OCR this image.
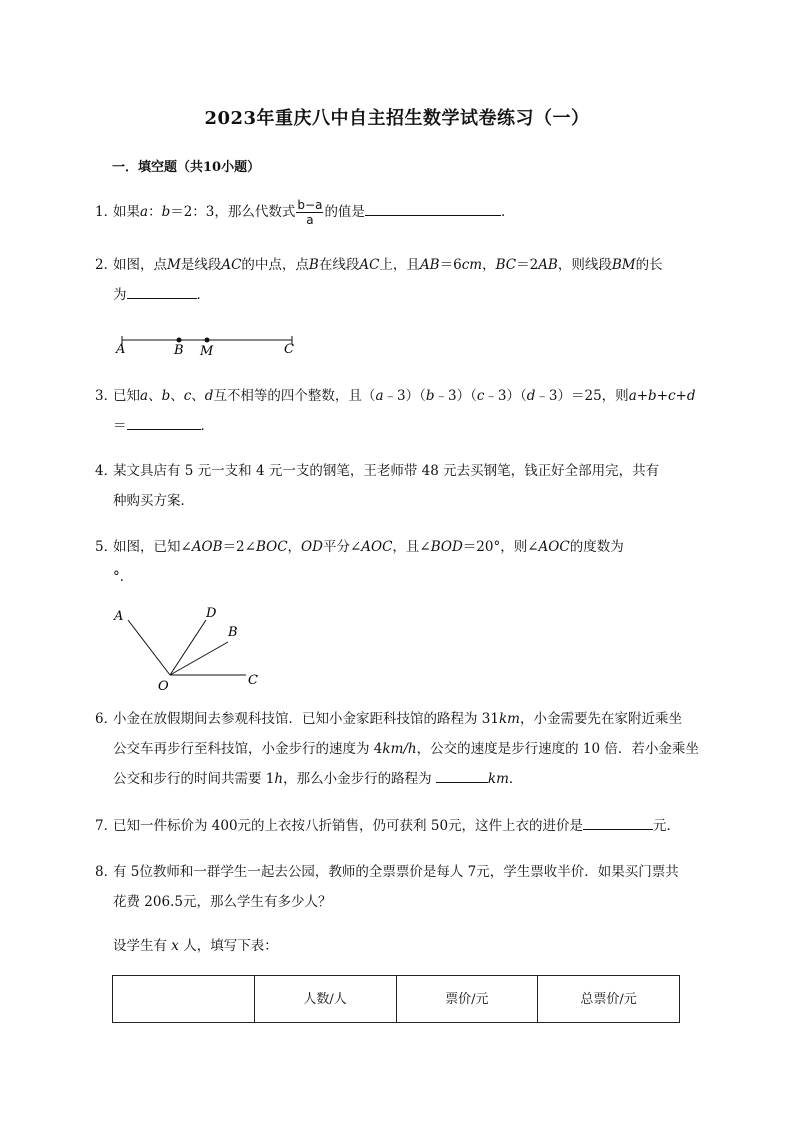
2023年重庆八中自主招生数学试卷练习（一）
一．填空题（共10小题）
1．如果a：b＝2：3，那么代数式 $\frac{b-a}{a}$ 的值是	．
2．如图，点M是线段AC的中点，点B在线段AC上，且AB＝6cm，BC＝2AB，则线段BM的长
为	．
A	B M	C
3．已知a、b、c、d互不相等的四个整数，且（a﹣3）（b﹣3）（c﹣3）（d﹣3）＝25，则a+b+c+d
＝	．
4．某文具店有 5 元一支和 4 元一支的钢笔，王老师带 48 元去买钢笔，钱正好全部用完，共有
种购买方案．
5．如图，已知∠AOB＝2∠BOC，OD平分∠AOC，且∠BOD＝20°，则∠AOC的度数为
°．
A	D
B
O	C
6．小金在放假期间去参观科技馆．已知小金家距科技馆的路程为 31km，小金需要先在家附近乘坐
公交车再步行至科技馆，小金步行的速度为 4km/h，公交的速度是步行速度的 10 倍．若小金乘坐
公交和步行的时间共需要 1h，那么小金步行的路程为	km．
7．已知一件标价为 400元的上衣按八折销售，仍可获利 50元，这件上衣的进价是	元．
8．有 5位教师和一群学生一起去公园，教师的全票票价是每人 7元，学生票收半价．如果买门票共
花费 206.5元，那么学生有多少人？
设学生有 x 人，填写下表：
	人数/人	票价/元	总票价/元
